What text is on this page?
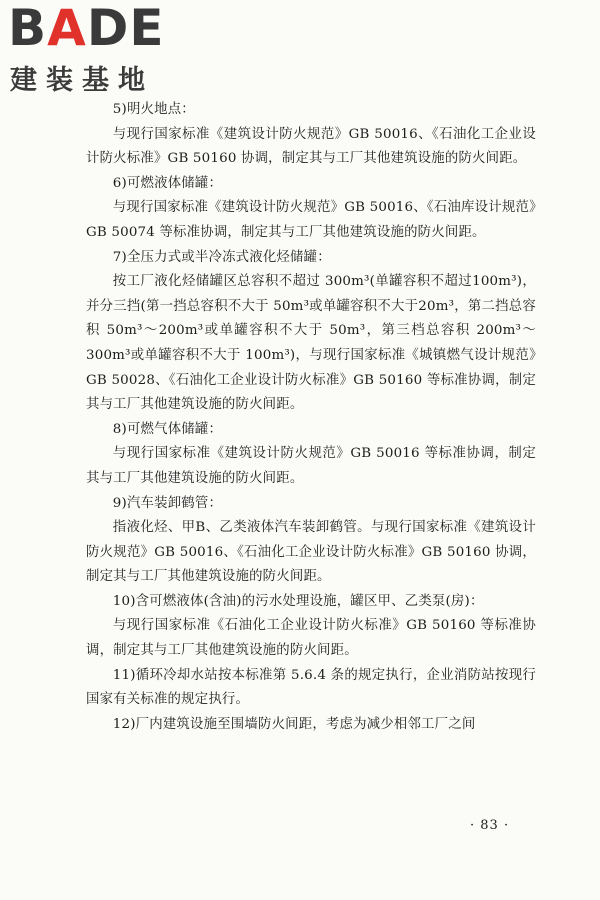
BADE
建装基地

5)明火地点：

与现行国家标准《建筑设计防火规范》GB 50016、《石油化工企业设计防火标准》GB 50160 协调，制定其与工厂其他建筑设施的防火间距。

6)可燃液体储罐：

与现行国家标准《建筑设计防火规范》GB 50016、《石油库设计规范》GB 50074 等标准协调，制定其与工厂其他建筑设施的防火间距。

7)全压力式或半冷冻式液化烃储罐：

按工厂液化烃储罐区总容积不超过 300m³(单罐容积不超过100m³)，并分三挡(第一挡总容积不大于 50m³或单罐容积不大于20m³，第二挡总容积 50m³～200m³或单罐容积不大于 50m³，第三档总容积 200m³～300m³或单罐容积不大于 100m³)，与现行国家标准《城镇燃气设计规范》GB 50028、《石油化工企业设计防火标准》GB 50160 等标准协调，制定其与工厂其他建筑设施的防火间距。

8)可燃气体储罐：

与现行国家标准《建筑设计防火规范》GB 50016 等标准协调，制定其与工厂其他建筑设施的防火间距。

9)汽车装卸鹤管：

指液化烃、甲B、乙类液体汽车装卸鹤管。与现行国家标准《建筑设计防火规范》GB 50016、《石油化工企业设计防火标准》GB 50160 协调，制定其与工厂其他建筑设施的防火间距。

10)含可燃液体(含油)的污水处理设施，罐区甲、乙类泵(房)：

与现行国家标准《石油化工企业设计防火标准》GB 50160 等标准协调，制定其与工厂其他建筑设施的防火间距。

11)循环冷却水站按本标准第 5.6.4 条的规定执行，企业消防站按现行国家有关标准的规定执行。

12)厂内建筑设施至围墙防火间距，考虑为减少相邻工厂之间

· 83 ·
